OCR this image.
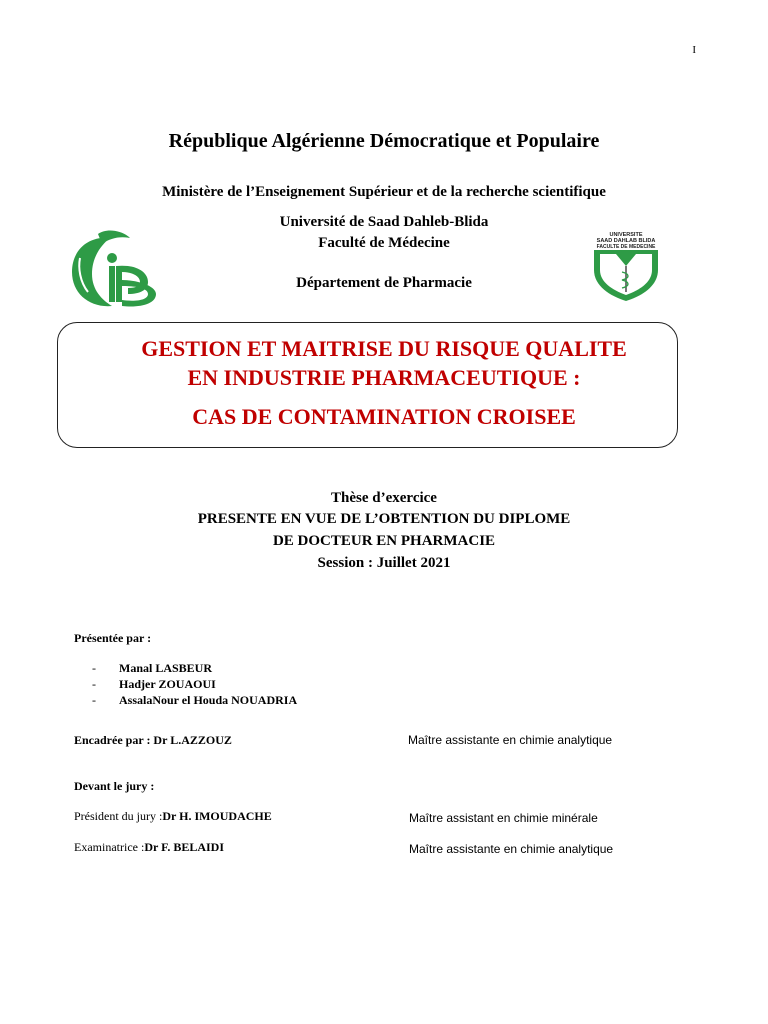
I
République Algérienne Démocratique et Populaire
Ministère de l’Enseignement Supérieur et de la recherche scientifique
Université de Saad Dahleb-Blida
Faculté de Médecine
Département de Pharmacie
UNIVERSITE
SAAD DAHLAB BLIDA
FACULTE DE MEDECINE
GESTION ET MAITRISE DU RISQUE QUALITE
EN INDUSTRIE PHARMACEUTIQUE :
CAS DE CONTAMINATION CROISEE
Thèse d’exercice
PRESENTE EN VUE DE L’OBTENTION DU DIPLOME
DE DOCTEUR EN PHARMACIE
Session : Juillet 2021
Présentée par :
- Manal LASBEUR
- Hadjer ZOUAOUI
- AssalaNour el Houda NOUADRIA
Encadrée par : Dr L.AZZOUZ	Maître assistante en chimie analytique
Devant le jury :
Président du jury :Dr H. IMOUDACHE	Maître assistant en chimie minérale
Examinatrice :Dr F. BELAIDI	Maître assistante en chimie analytique
